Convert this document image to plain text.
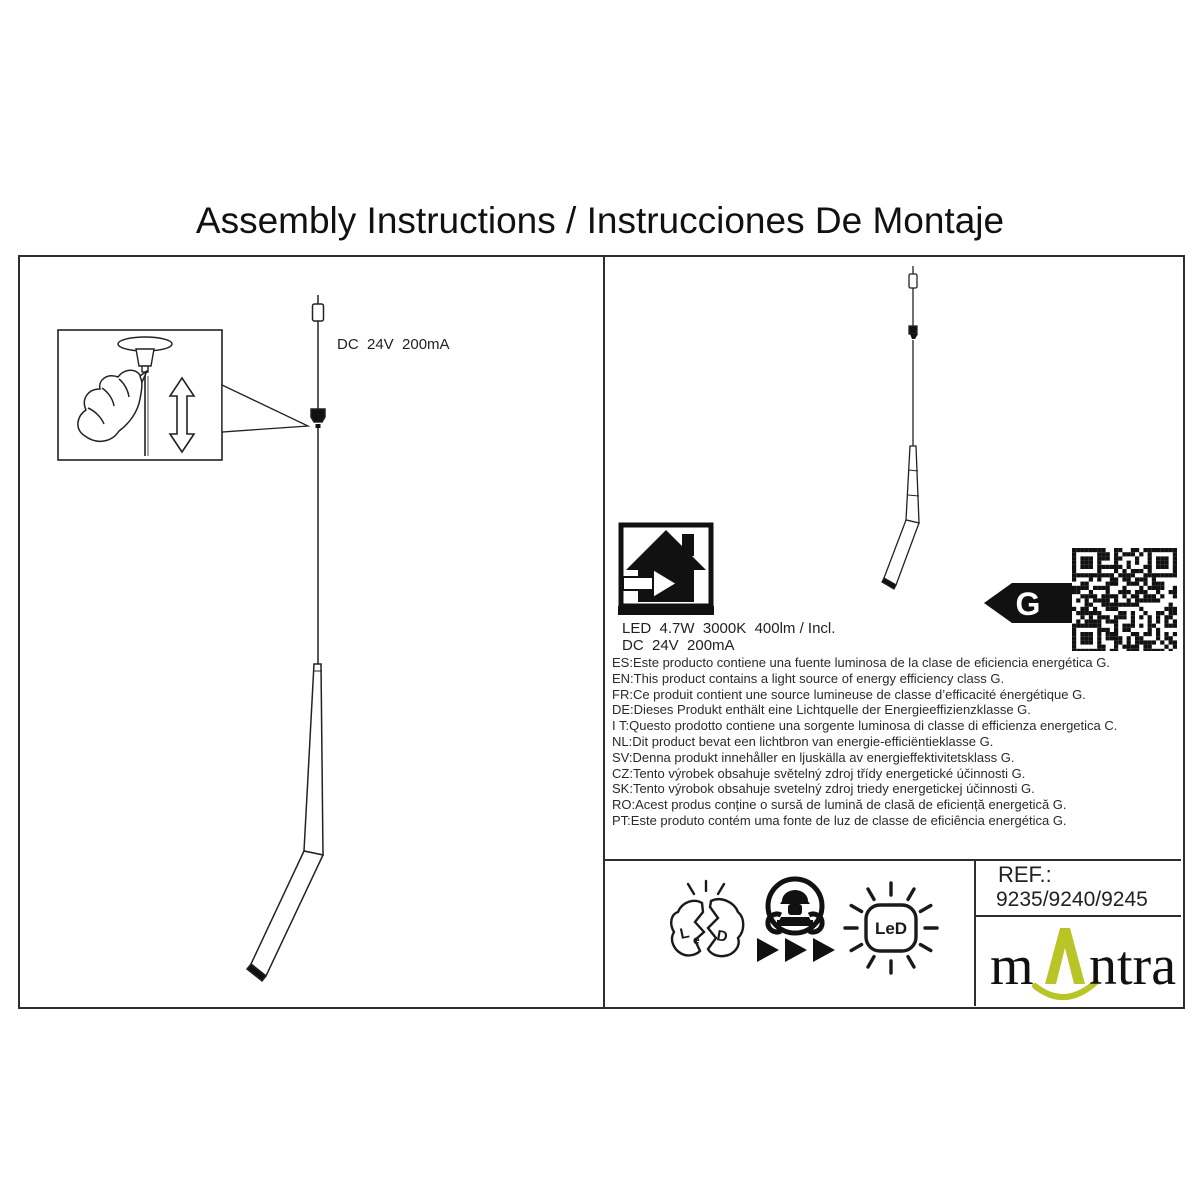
Assembly Instructions / Instrucciones De Montaje
DC  24V  200mA
LED  4.7W  3000K  400lm / Incl.
DC  24V  200mA
ES:Este producto contiene una fuente luminosa de la clase de eficiencia energética G.
EN:This product contains a light source of energy efficiency class G.
FR:Ce produit contient une source lumineuse de classe d’efficacité énergétique G.
DE:Dieses Produkt enthält eine Lichtquelle der Energieeffizienzklasse G.
I T:Questo prodotto contiene una sorgente luminosa di classe di efficienza energetica C.
NL:Dit product bevat een lichtbron van energie-efficiëntieklasse G.
SV:Denna produkt innehåller en ljuskälla av energieffektivitetsklass G.
CZ:Tento výrobek obsahuje světelný zdroj třídy energetické účinnosti G.
SK:Tento výrobok obsahuje svetelný zdroj triedy energetickej účinnosti G.
RO:Acest produs conține o sursă de lumină de clasă de eficiență energetică G.
PT:Este produto contém uma fonte de luz de classe de eficiência energética G.
G
L e D	LeD
REF.:
9235/9240/9245
m ntra
